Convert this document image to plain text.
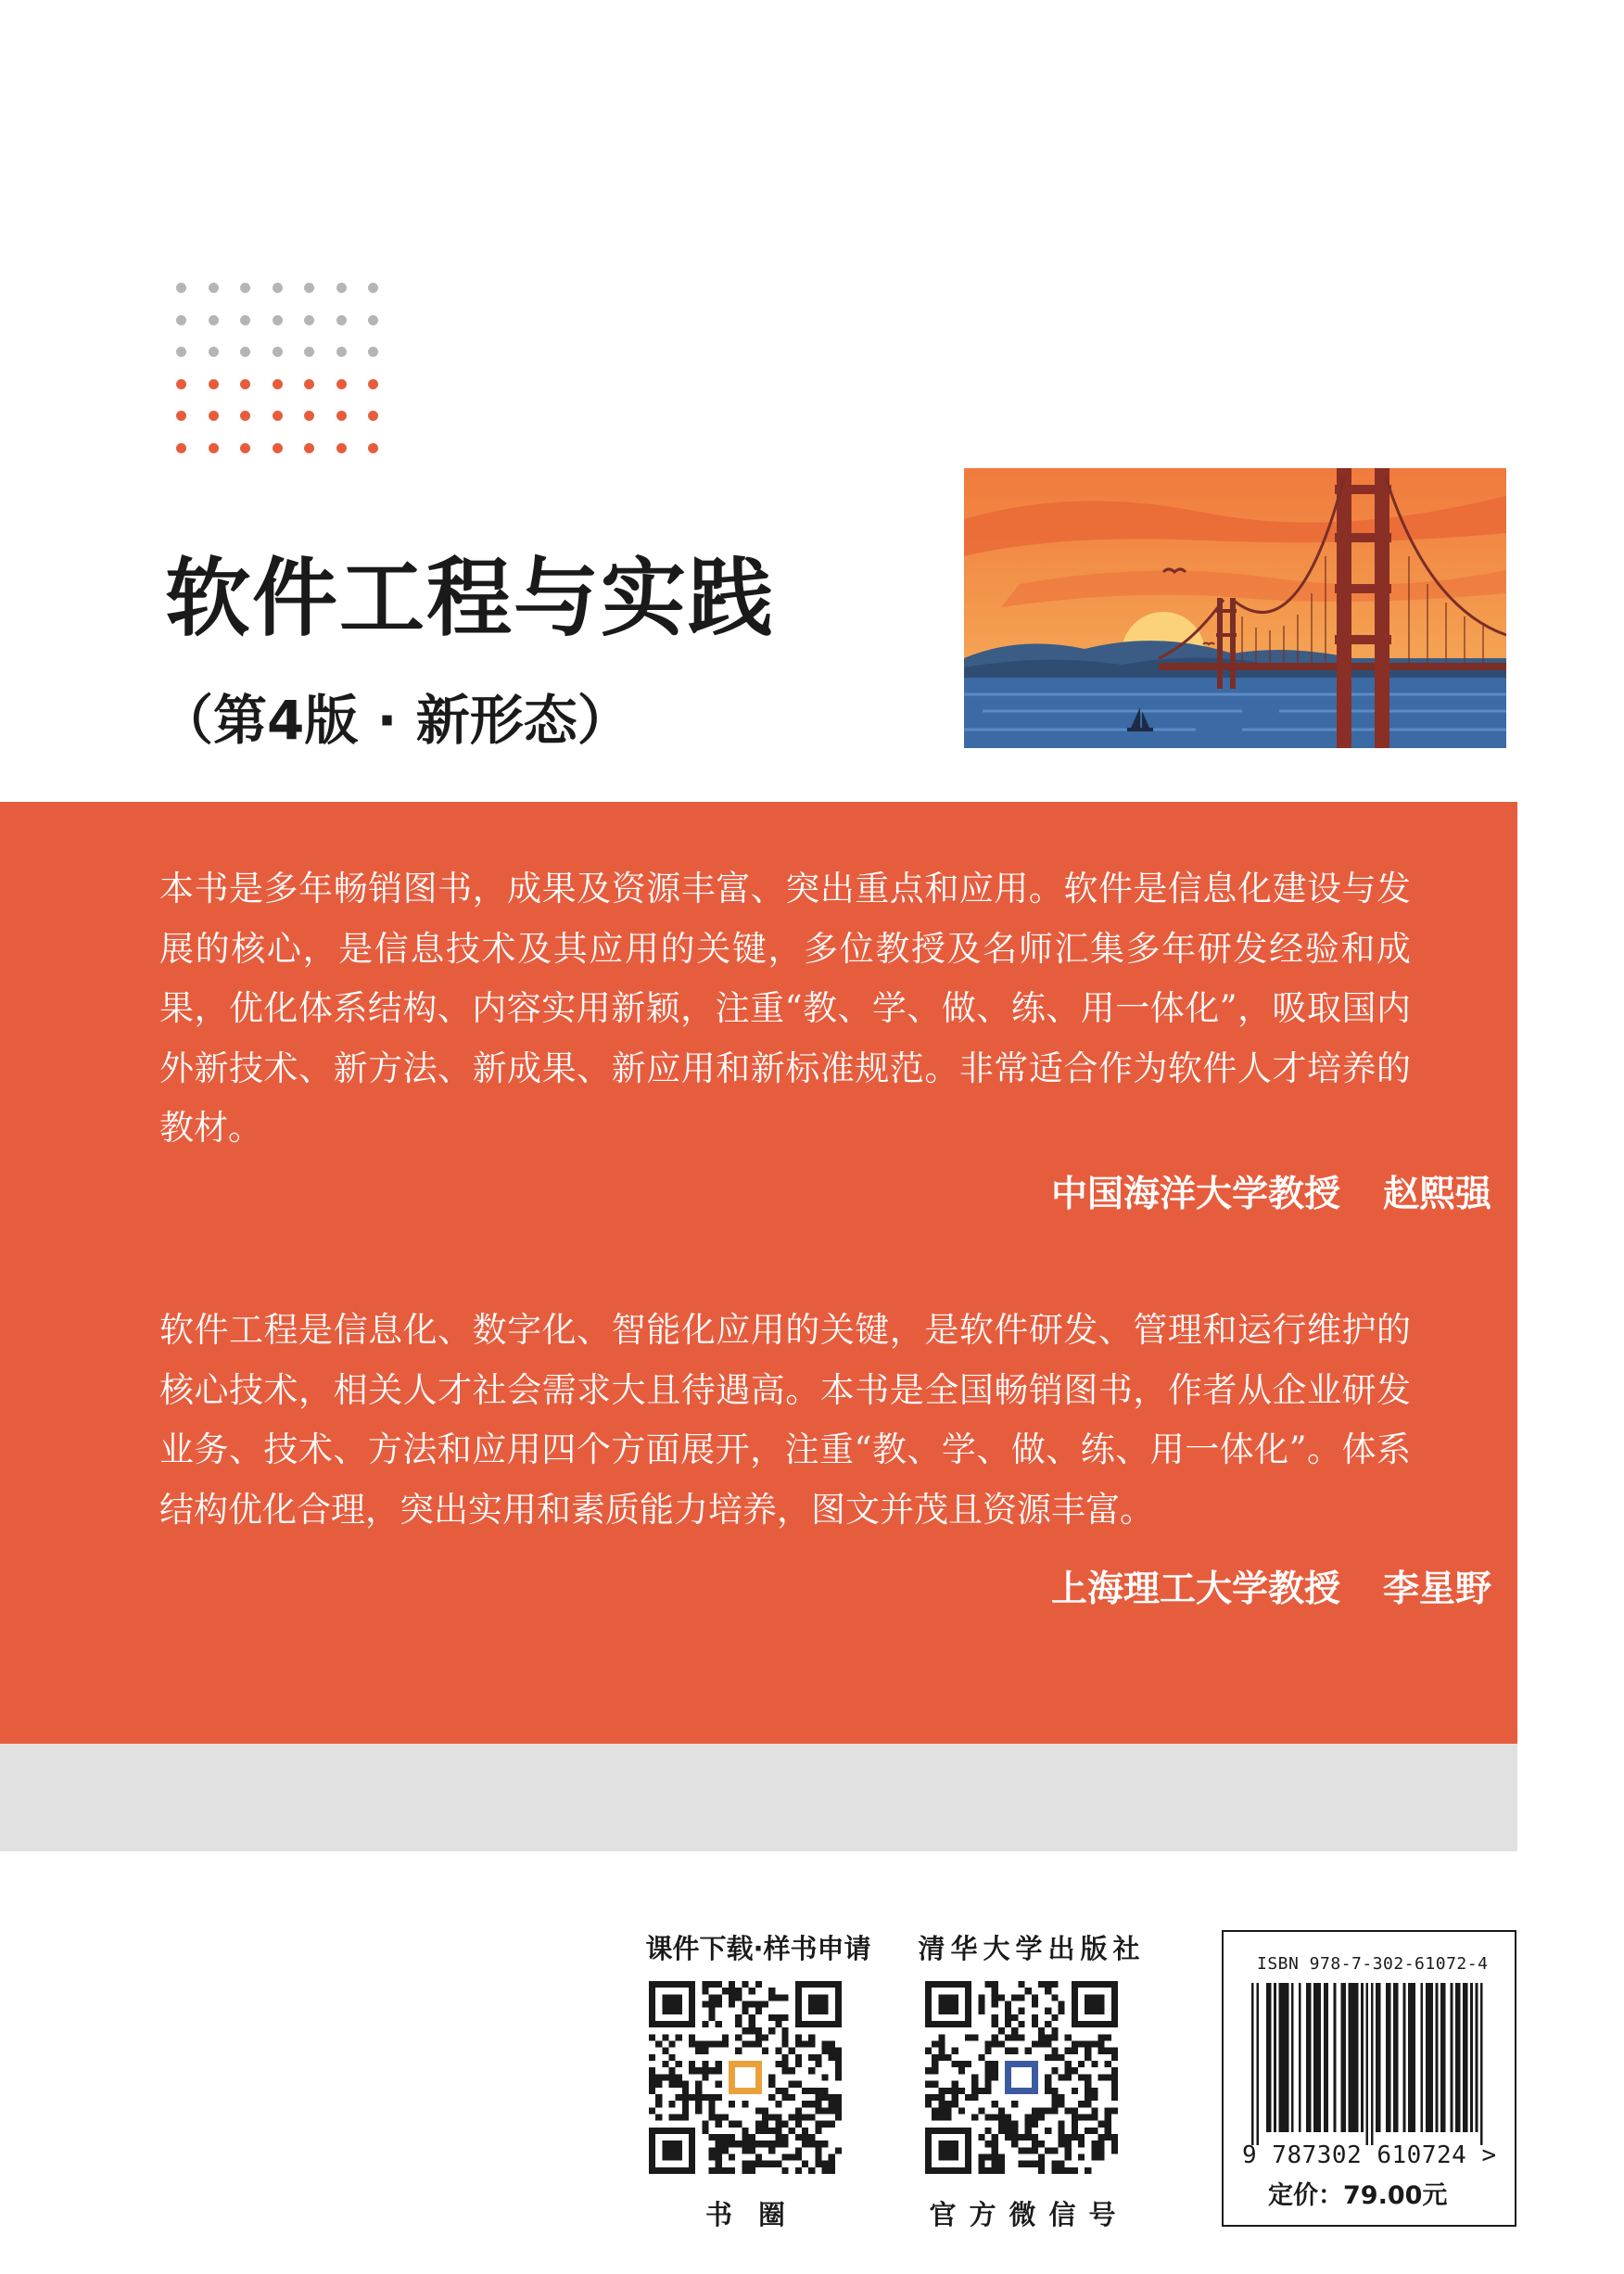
软件工程与实践
（第4版 · 新形态）
本书是多年畅销图书，成果及资源丰富、突出重点和应用。软件是信息化建设与发展的核心，是信息技术及其应用的关键，多位教授及名师汇集多年研发经验和成果，优化体系结构、内容实用新颖，注重“教、学、做、练、用一体化”，吸取国内外新技术、新方法、新成果、新应用和新标准规范。非常适合作为软件人才培养的教材。
中国海洋大学教授 赵熙强
软件工程是信息化、数字化、智能化应用的关键，是软件研发、管理和运行维护的核心技术，相关人才社会需求大且待遇高。本书是全国畅销图书，作者从企业研发业务、技术、方法和应用四个方面展开，注重“教、学、做、练、用一体化”。体系结构优化合理，突出实用和素质能力培养，图文并茂且资源丰富。
上海理工大学教授 李星野
课件下载·样书申请
书圈
清华大学出版社
官方微信号
ISBN 978-7-302-61072-4
9 787302 610724 >
定价：79.00元
